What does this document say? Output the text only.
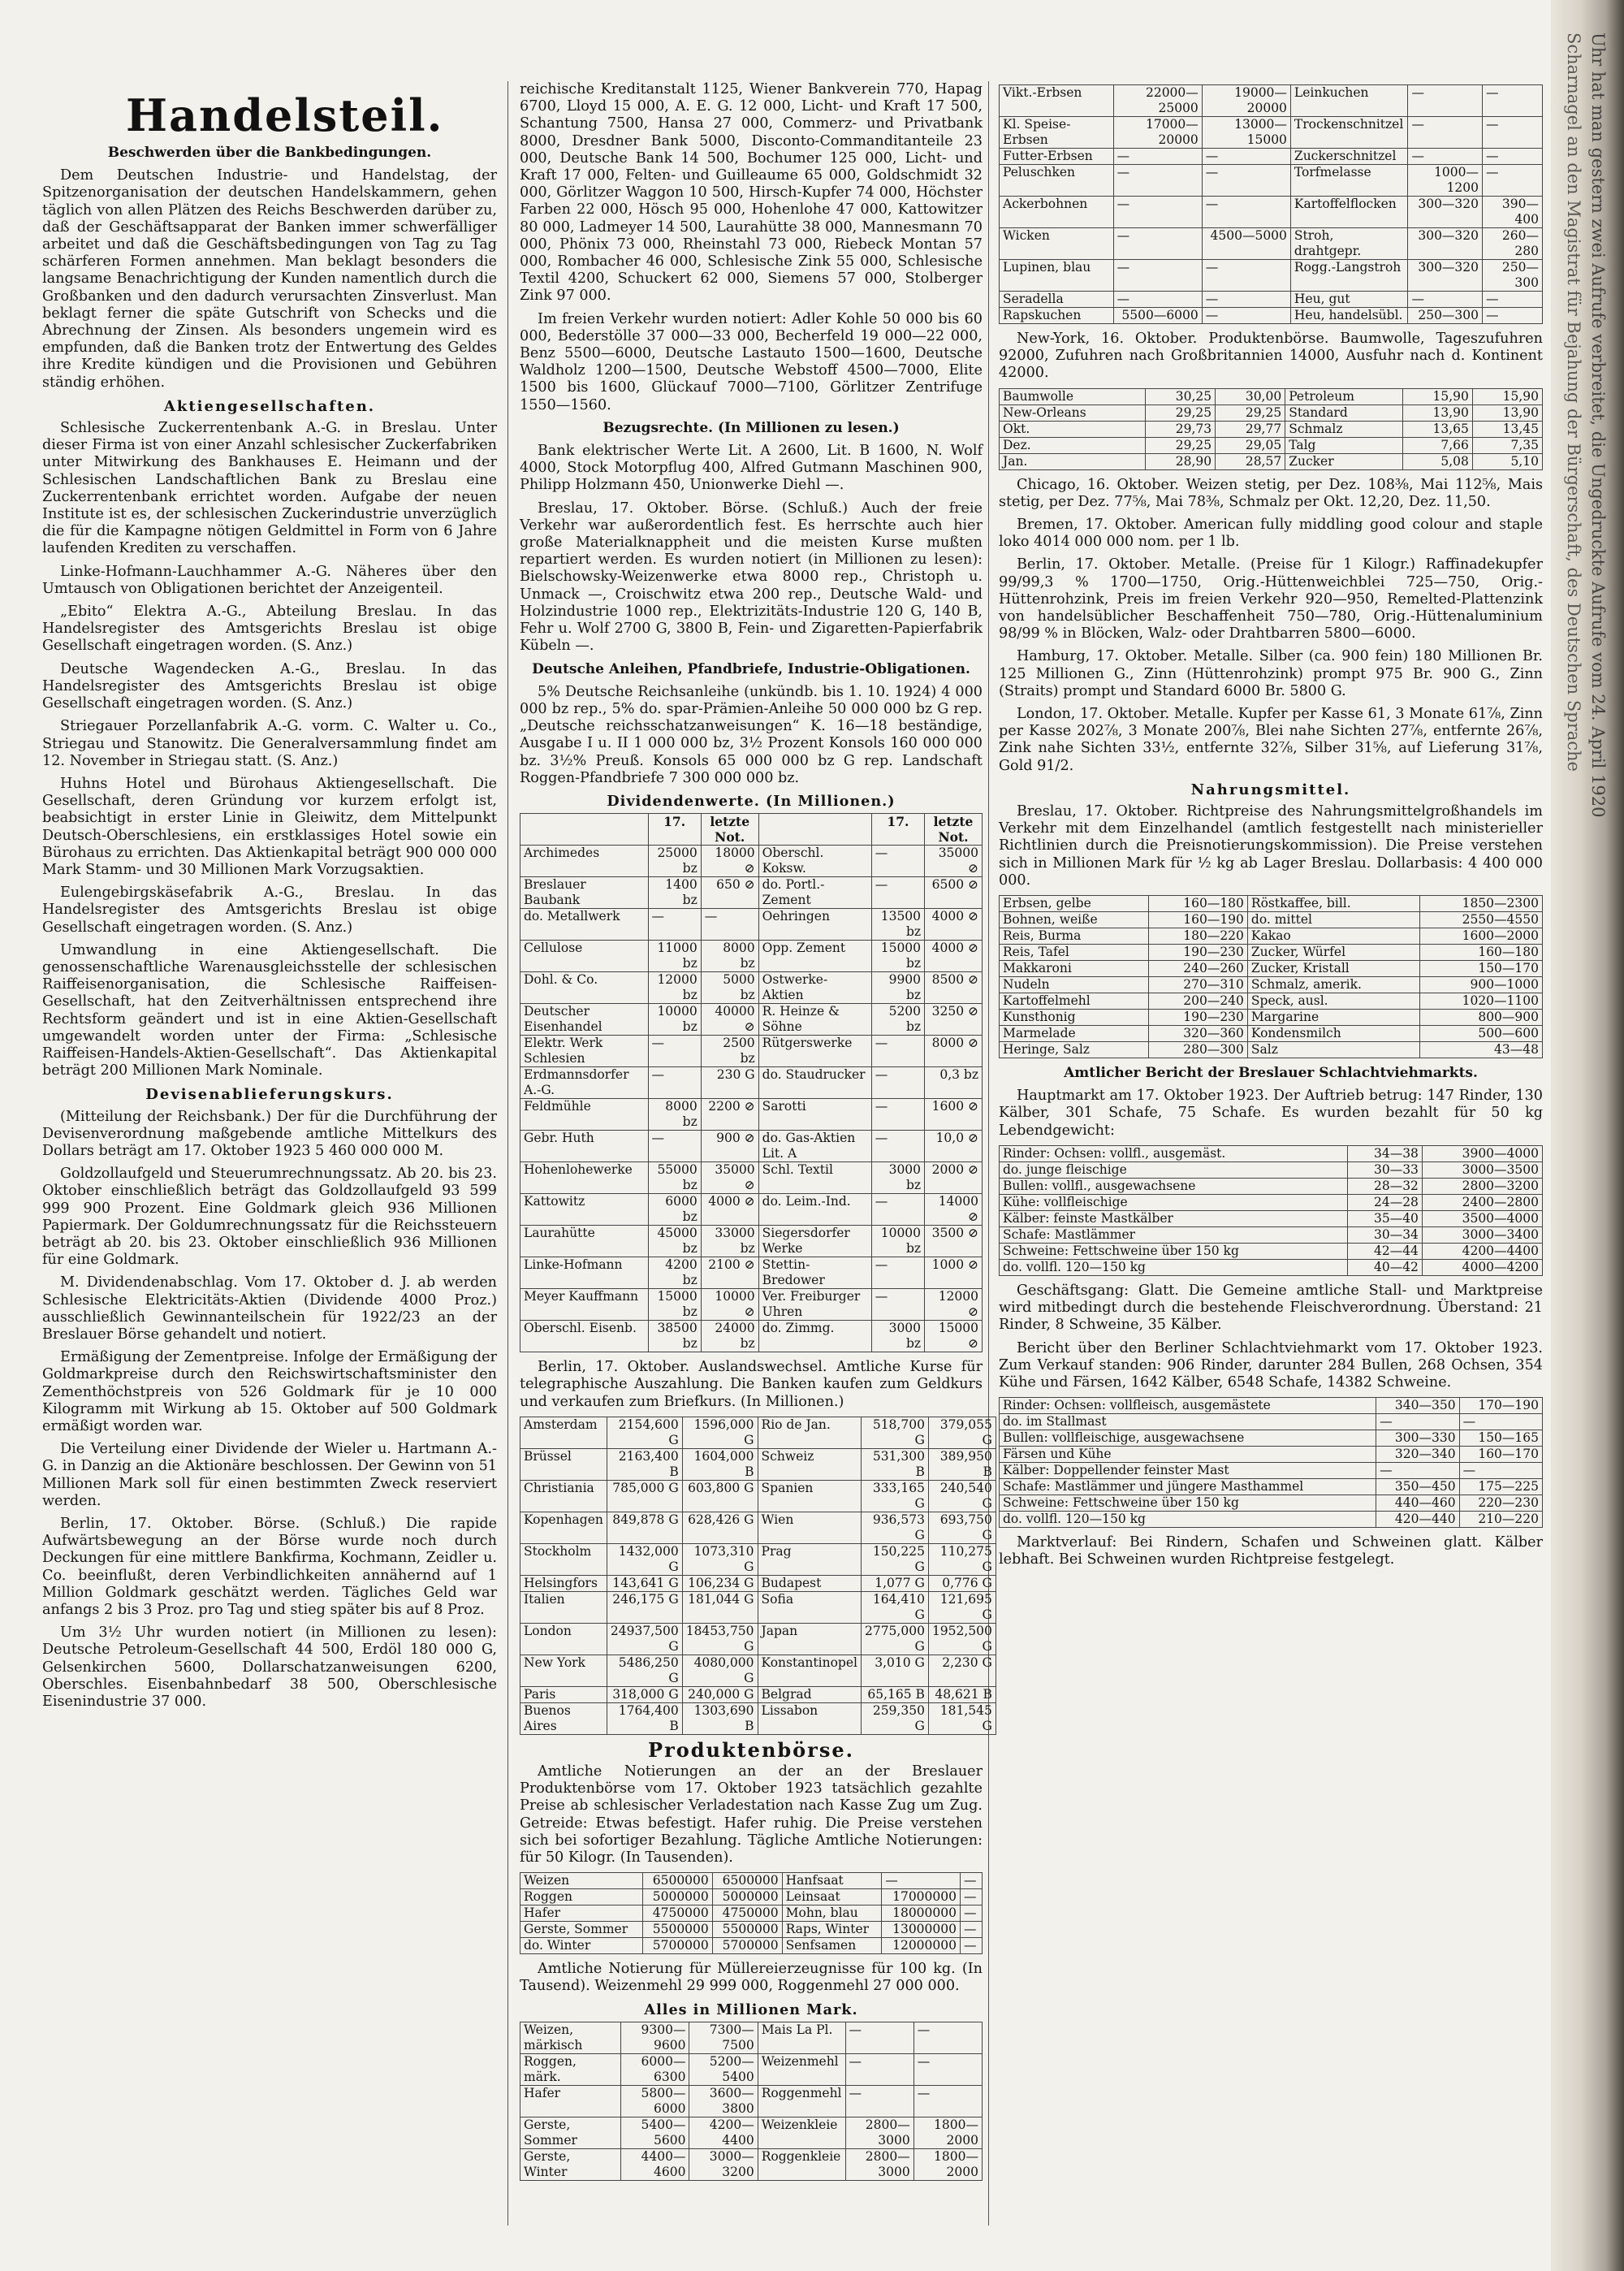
Handelsteil.

Beschwerden über die Bankbedingungen.

Dem Deutschen Industrie- und Handelstag, der Spitzenorganisation der deutschen Handelskammern, gehen täglich von allen Plätzen des Reichs Beschwerden darüber zu, daß der Geschäftsapparat der Banken immer schwerfälliger arbeitet und daß die Geschäftsbedingungen von Tag zu Tag schärferen Formen annehmen. Man beklagt besonders die langsame Benachrichtigung der Kunden namentlich durch die Großbanken und den dadurch verursachten Zinsverlust. Man beklagt ferner die späte Gutschrift von Schecks und die Abrechnung der Zinsen. Als besonders ungemein wird es empfunden, daß die Banken trotz der Entwertung des Geldes ihre Kredite kündigen und die Provisionen und Gebühren ständig erhöhen.

Aktiengesellschaften.

Schlesische Zuckerrentenbank A.-G. in Breslau. Unter dieser Firma ist von einer Anzahl schlesischer Zuckerfabriken unter Mitwirkung des Bankhauses E. Heimann und der Schlesischen Landschaftlichen Bank zu Breslau eine Zuckerrentenbank errichtet worden. Aufgabe der neuen Institute ist es, der schlesischen Zuckerindustrie unverzüglich die für die Kampagne nötigen Geldmittel in Form von 6 Jahre laufenden Krediten zu verschaffen.

Linke-Hofmann-Lauchhammer A.-G. Näheres über den Umtausch von Obligationen berichtet der Anzeigenteil.

„Ebito“ Elektra A.-G., Abteilung Breslau. In das Handelsregister des Amtsgerichts Breslau ist obige Gesellschaft eingetragen worden. (S. Anz.)

Deutsche Wagendecken A.-G., Breslau. In das Handelsregister des Amtsgerichts Breslau ist obige Gesellschaft eingetragen worden. (S. Anz.)

Striegauer Porzellanfabrik A.-G. vorm. C. Walter u. Co., Striegau und Stanowitz. Die Generalversammlung findet am 12. November in Striegau statt. (S. Anz.)

Huhns Hotel und Bürohaus Aktiengesellschaft. Die Gesellschaft, deren Gründung vor kurzem erfolgt ist, beabsichtigt in erster Linie in Gleiwitz, dem Mittelpunkt Deutsch-Oberschlesiens, ein erstklassiges Hotel sowie ein Bürohaus zu errichten. Das Aktienkapital beträgt 900 000 000 Mark Stamm- und 30 Millionen Mark Vorzugsaktien.

Eulengebirgskäsefabrik A.-G., Breslau. In das Handelsregister des Amtsgerichts Breslau ist obige Gesellschaft eingetragen worden. (S. Anz.)

Umwandlung in eine Aktiengesellschaft. Die genossenschaftliche Warenausgleichsstelle der schlesischen Raiffeisenorganisation, die Schlesische Raiffeisen-Gesellschaft, hat den Zeitverhältnissen entsprechend ihre Rechtsform geändert und ist in eine Aktien-Gesellschaft umgewandelt worden unter der Firma: „Schlesische Raiffeisen-Handels-Aktien-Gesellschaft“. Das Aktienkapital beträgt 200 Millionen Mark Nominale.

Devisenablieferungskurs.

(Mitteilung der Reichsbank.) Der für die Durchführung der Devisenverordnung maßgebende amtliche Mittelkurs des Dollars beträgt am 17. Oktober 1923 5 460 000 000 M.

Goldzollaufgeld und Steuerumrechnungssatz. Ab 20. bis 23. Oktober einschließlich beträgt das Goldzollaufgeld 93 599 999 900 Prozent. Eine Goldmark gleich 936 Millionen Papiermark. Der Goldumrechnungssatz für die Reichssteuern beträgt ab 20. bis 23. Oktober einschließlich 936 Millionen für eine Goldmark.

M. Dividendenabschlag. Vom 17. Oktober d. J. ab werden Schlesische Elektricitäts-Aktien (Dividende 4000 Proz.) ausschließlich Gewinnanteilschein für 1922/23 an der Breslauer Börse gehandelt und notiert.

Ermäßigung der Zementpreise. Infolge der Ermäßigung der Goldmarkpreise durch den Reichswirtschaftsminister den Zementhöchstpreis von 526 Goldmark für je 10 000 Kilogramm mit Wirkung ab 15. Oktober auf 500 Goldmark ermäßigt worden war.

Die Verteilung einer Dividende der Wieler u. Hartmann A.-G. in Danzig an die Aktionäre beschlossen. Der Gewinn von 51 Millionen Mark soll für einen bestimmten Zweck reserviert werden.

Berlin, 17. Oktober. Börse. (Schluß.) Die rapide Aufwärtsbewegung an der Börse wurde noch durch Deckungen für eine mittlere Bankfirma, Kochmann, Zeidler u. Co. beeinflußt, deren Verbindlichkeiten annähernd auf 1 Million Goldmark geschätzt werden. Tägliches Geld war anfangs 2 bis 3 Proz. pro Tag und stieg später bis auf 8 Proz.

Um 3½ Uhr wurden notiert (in Millionen zu lesen): Deutsche Petroleum-Gesellschaft 44 500, Erdöl 180 000 G, Gelsenkirchen 5600, Dollarschatzanweisungen 6200, Oberschles. Eisenbahnbedarf 38 500, Oberschlesische Eisenindustrie 37 000.

reichische Kreditanstalt 1125, Wiener Bankverein 770, Hapag 6700, Lloyd 15 000, A. E. G. 12 000, Licht- und Kraft 17 500, Schantung 7500, Hansa 27 000, Commerz- und Privatbank 8000, Dresdner Bank 5000, Disconto-Commanditanteile 23 000, Deutsche Bank 14 500, Bochumer 125 000, Licht- und Kraft 17 000, Felten- und Guilleaume 65 000, Goldschmidt 32 000, Görlitzer Waggon 10 500, Hirsch-Kupfer 74 000, Höchster Farben 22 000, Hösch 95 000, Hohenlohe 47 000, Kattowitzer 80 000, Ladmeyer 14 500, Laurahütte 38 000, Mannesmann 70 000, Phönix 73 000, Rheinstahl 73 000, Riebeck Montan 57 000, Rombacher 46 000, Schlesische Zink 55 000, Schlesische Textil 4200, Schuckert 62 000, Siemens 57 000, Stolberger Zink 97 000.

Im freien Verkehr wurden notiert: Adler Kohle 50 000 bis 60 000, Bederstölle 37 000—33 000, Becherfeld 19 000—22 000, Benz 5500—6000, Deutsche Lastauto 1500—1600, Deutsche Waldholz 1200—1500, Deutsche Webstoff 4500—7000, Elite 1500 bis 1600, Glückauf 7000—7100, Görlitzer Zentrifuge 1550—1560.

Bezugsrechte. (In Millionen zu lesen.)

Bank elektrischer Werte Lit. A 2600, Lit. B 1600, N. Wolf 4000, Stock Motorpflug 400, Alfred Gutmann Maschinen 900, Philipp Holzmann 450, Unionwerke Diehl —.

Breslau, 17. Oktober. Börse. (Schluß.) Auch der freie Verkehr war außerordentlich fest. Es herrschte auch hier große Materialknappheit und die meisten Kurse mußten repartiert werden. Es wurden notiert (in Millionen zu lesen): Bielschowsky-Weizenwerke etwa 8000 rep., Christoph u. Unmack —, Croischwitz etwa 200 rep., Deutsche Wald- und Holzindustrie 1000 rep., Elektrizitäts-Industrie 120 G, 140 B, Fehr u. Wolf 2700 G, 3800 B, Fein- und Zigaretten-Papierfabrik Kübeln —.

Deutsche Anleihen, Pfandbriefe, Industrie-Obligationen.

5% Deutsche Reichsanleihe (unkündb. bis 1. 10. 1924) 4 000 000 bz rep., 5% do. spar-Prämien-Anleihe 50 000 000 bz G rep. „Deutsche reichsschatzanweisungen“ K. 16—18 beständige, Ausgabe I u. II 1 000 000 bz, 3½ Prozent Konsols 160 000 000 bz. 3½% Preuß. Konsols 65 000 000 bz G rep. Landschaft Roggen-Pfandbriefe 7 300 000 000 bz.

Dividendenwerte. (In Millionen.)
	17.	letzte Not.		17.	letzte Not.
Archimedes	25000 bz	18000 ⊘	Oberschl. Koksw.	—	35000 ⊘
Breslauer Baubank	1400 bz	650 ⊘	do. Portl.-Zement	—	6500 ⊘
do. Metallwerk	—	—	Oehringen	13500 bz	4000 ⊘
Cellulose	11000 bz	8000 bz	Opp. Zement	15000 bz	4000 ⊘
Dohl. & Co.	12000 bz	5000 bz	Ostwerke-Aktien	9900 bz	8500 ⊘
Deutscher Eisenhandel	10000 bz	40000 ⊘	R. Heinze & Söhne	5200 bz	3250 ⊘
Elektr. Werk Schlesien	—	2500 bz	Rütgerswerke	—	8000 ⊘
Erdmannsdorfer A.-G.	—	230 G	do. Staudrucker	—	0,3 bz
Feldmühle	8000 bz	2200 ⊘	Sarotti	—	1600 ⊘
Gebr. Huth	—	900 ⊘	do. Gas-Aktien Lit. A	—	10,0 ⊘
Hohenlohewerke	55000 bz	35000 ⊘	Schl. Textil	3000 bz	2000 ⊘
Kattowitz	6000 bz	4000 ⊘	do. Leim.-Ind.	—	14000 ⊘
Laurahütte	45000 bz	33000 bz	Siegersdorfer Werke	10000 bz	3500 ⊘
Linke-Hofmann	4200 bz	2100 ⊘	Stettin-Bredower	—	1000 ⊘
Meyer Kauffmann	15000 bz	10000 ⊘	Ver. Freiburger Uhren	—	12000 ⊘
Oberschl. Eisenb.	38500 bz	24000 bz	do. Zimmg.	3000 bz	15000 ⊘

Berlin, 17. Oktober. Auslandswechsel. Amtliche Kurse für telegraphische Auszahlung. Die Banken kaufen zum Geldkurs und verkaufen zum Briefkurs. (In Millionen.)

Amsterdam	2154,600 G	1596,000 G	Rio de Jan.	518,700 G	379,055 G
Brüssel	2163,400 B	1604,000 B	Schweiz	531,300 B	389,950 B
Christiania	785,000 G	603,800 G	Spanien	333,165 G	240,540 G
Kopenhagen	849,878 G	628,426 G	Wien	936,573 G	693,750 G
Stockholm	1432,000 G	1073,310 G	Prag	150,225 G	110,275 G
Helsingfors	143,641 G	106,234 G	Budapest	1,077 G	0,776 G
Italien	246,175 G	181,044 G	Sofia	164,410 G	121,695 G
London	24937,500 G	18453,750 G	Japan	2775,000 G	1952,500 G
New York	5486,250 G	4080,000 G	Konstantinopel	3,010 G	2,230 G
Paris	318,000 G	240,000 G	Belgrad	65,165 B	48,621 B
Buenos Aires	1764,400 B	1303,690 B	Lissabon	259,350 G	181,545 G

Produktenbörse.

Amtliche Notierungen an der an der Breslauer Produktenbörse vom 17. Oktober 1923 tatsächlich gezahlte Preise ab schlesischer Verladestation nach Kasse Zug um Zug. Getreide: Etwas befestigt. Hafer ruhig. Die Preise verstehen sich bei sofortiger Bezahlung. Tägliche Amtliche Notierungen: für 50 Kilogr. (In Tausenden).

Weizen	6500000	6500000	Hanfsaat	—	—
Roggen	5000000	5000000	Leinsaat	17000000	—
Hafer	4750000	4750000	Mohn, blau	18000000	—
Gerste, Sommer	5500000	5500000	Raps, Winter	13000000	—
do. Winter	5700000	5700000	Senfsamen	12000000	—

Amtliche Notierung für Müllereierzeugnisse für 100 kg. (In Tausend). Weizenmehl 29 999 000, Roggenmehl 27 000 000.

Alles in Millionen Mark.
Weizen, märkisch	9300—9600	7300—7500	Mais La Pl.	—	—
Roggen, märk.	6000—6300	5200—5400	Weizenmehl	—	—
Hafer	5800—6000	3600—3800	Roggenmehl	—	—
Gerste, Sommer	5400—5600	4200—4400	Weizenkleie	2800—3000	1800—2000
Gerste, Winter	4400—4600	3000—3200	Roggenkleie	2800—3000	1800—2000
Vikt.-Erbsen	22000—25000	19000—20000	Leinkuchen	—	—
Kl. Speise-Erbsen	17000—20000	13000—15000	Trockenschnitzel	—	—
Futter-Erbsen	—	—	Zuckerschnitzel	—	—
Peluschken	—	—	Torfmelasse	1000—1200	—
Ackerbohnen	—	—	Kartoffelflocken	300—320	390—400
Wicken	—	4500—5000	Stroh, drahtgepr.	300—320	260—280
Lupinen, blau	—	—	Rogg.-Langstroh	300—320	250—300
Seradella	—	—	Heu, gut	—	—
Rapskuchen	5500—6000	—	Heu, handelsübl.	250—300	—

New-York, 16. Oktober. Produktenbörse. Baumwolle, Tageszufuhren 92000, Zufuhren nach Großbritannien 14000, Ausfuhr nach d. Kontinent 42000.

Baumwolle	30,25	30,00	Petroleum	15,90	15,90
New-Orleans	29,25	29,25	Standard	13,90	13,90
Okt.	29,73	29,77	Schmalz	13,65	13,45
Dez.	29,25	29,05	Talg	7,66	7,35
Jan.	28,90	28,57	Zucker	5,08	5,10

Chicago, 16. Oktober. Weizen stetig, per Dez. 108⅜, Mai 112⅝, Mais stetig, per Dez. 77⅝, Mai 78⅜, Schmalz per Okt. 12,20, Dez. 11,50.

Bremen, 17. Oktober. American fully middling good colour and staple loko 4014 000 000 nom. per 1 lb.

Berlin, 17. Oktober. Metalle. (Preise für 1 Kilogr.) Raffinadekupfer 99/99,3 % 1700—1750, Orig.-Hüttenweichblei 725—750, Orig.-Hüttenrohzink, Preis im freien Verkehr 920—950, Remelted-Plattenzink von handelsüblicher Beschaffenheit 750—780, Orig.-Hüttenaluminium 98/99 % in Blöcken, Walz- oder Drahtbarren 5800—6000.

Hamburg, 17. Oktober. Metalle. Silber (ca. 900 fein) 180 Millionen Br. 125 Millionen G., Zinn (Hüttenrohzink) prompt 975 Br. 900 G., Zinn (Straits) prompt und Standard 6000 Br. 5800 G.

London, 17. Oktober. Metalle. Kupfer per Kasse 61, 3 Monate 61⅞, Zinn per Kasse 202⅞, 3 Monate 200⅞, Blei nahe Sichten 27⅞, entfernte 26⅞, Zink nahe Sichten 33½, entfernte 32⅞, Silber 31⅝, auf Lieferung 31⅞, Gold 91/2.

Nahrungsmittel.

Breslau, 17. Oktober. Richtpreise des Nahrungsmittelgroßhandels im Verkehr mit dem Einzelhandel (amtlich festgestellt nach ministerieller Richtlinien durch die Preisnotierungskommission). Die Preise verstehen sich in Millionen Mark für ½ kg ab Lager Breslau. Dollarbasis: 4 400 000 000.

Erbsen, gelbe	160—180	Röstkaffee, bill.	1850—2300
Bohnen, weiße	160—190	do. mittel	2550—4550
Reis, Burma	180—220	Kakao	1600—2000
Reis, Tafel	190—230	Zucker, Würfel	160—180
Makkaroni	240—260	Zucker, Kristall	150—170
Nudeln	270—310	Schmalz, amerik.	900—1000
Kartoffelmehl	200—240	Speck, ausl.	1020—1100
Kunsthonig	190—230	Margarine	800—900
Marmelade	320—360	Kondensmilch	500—600
Heringe, Salz	280—300	Salz	43—48

Amtlicher Bericht der Breslauer Schlachtviehmarkts.

Hauptmarkt am 17. Oktober 1923. Der Auftrieb betrug: 147 Rinder, 130 Kälber, 301 Schafe, 75 Schafe. Es wurden bezahlt für 50 kg Lebendgewicht:

Rinder: Ochsen: vollfl., ausgemäst.	34—38	3900—4000
do. junge fleischige	30—33	3000—3500
Bullen: vollfl., ausgewachsene	28—32	2800—3200
Kühe: vollfleischige	24—28	2400—2800
Kälber: feinste Mastkälber	35—40	3500—4000
Schafe: Mastlämmer	30—34	3000—3400
Schweine: Fettschweine über 150 kg	42—44	4200—4400
do. vollfl. 120—150 kg	40—42	4000—4200

Geschäftsgang: Glatt. Die Gemeine amtliche Stall- und Marktpreise wird mitbedingt durch die bestehende Fleischverordnung. Überstand: 21 Rinder, 8 Schweine, 35 Kälber.

Bericht über den Berliner Schlachtviehmarkt vom 17. Oktober 1923. Zum Verkauf standen: 906 Rinder, darunter 284 Bullen, 268 Ochsen, 354 Kühe und Färsen, 1642 Kälber, 6548 Schafe, 14382 Schweine.

Rinder: Ochsen: vollfleisch, ausgemästete	340—350	170—190
do. im Stallmast	—	—
Bullen: vollfleischige, ausgewachsene	300—330	150—165
Färsen und Kühe	320—340	160—170
Kälber: Doppellender feinster Mast	—	—
Schafe: Mastlämmer und jüngere Masthammel	350—450	175—225
Schweine: Fettschweine über 150 kg	440—460	220—230
do. vollfl. 120—150 kg	420—440	210—220

Marktverlauf: Bei Rindern, Schafen und Schweinen glatt. Kälber lebhaft. Bei Schweinen wurden Richtpreise festgelegt.

Uhr hat man gestern zwei Aufrufe verbreitet, die Ungedruckte Aufrufe vom 24. April 1920
Scharnagel an den Magistrat für Bejahung der Bürgerschaft, des Deutschen Sprache
